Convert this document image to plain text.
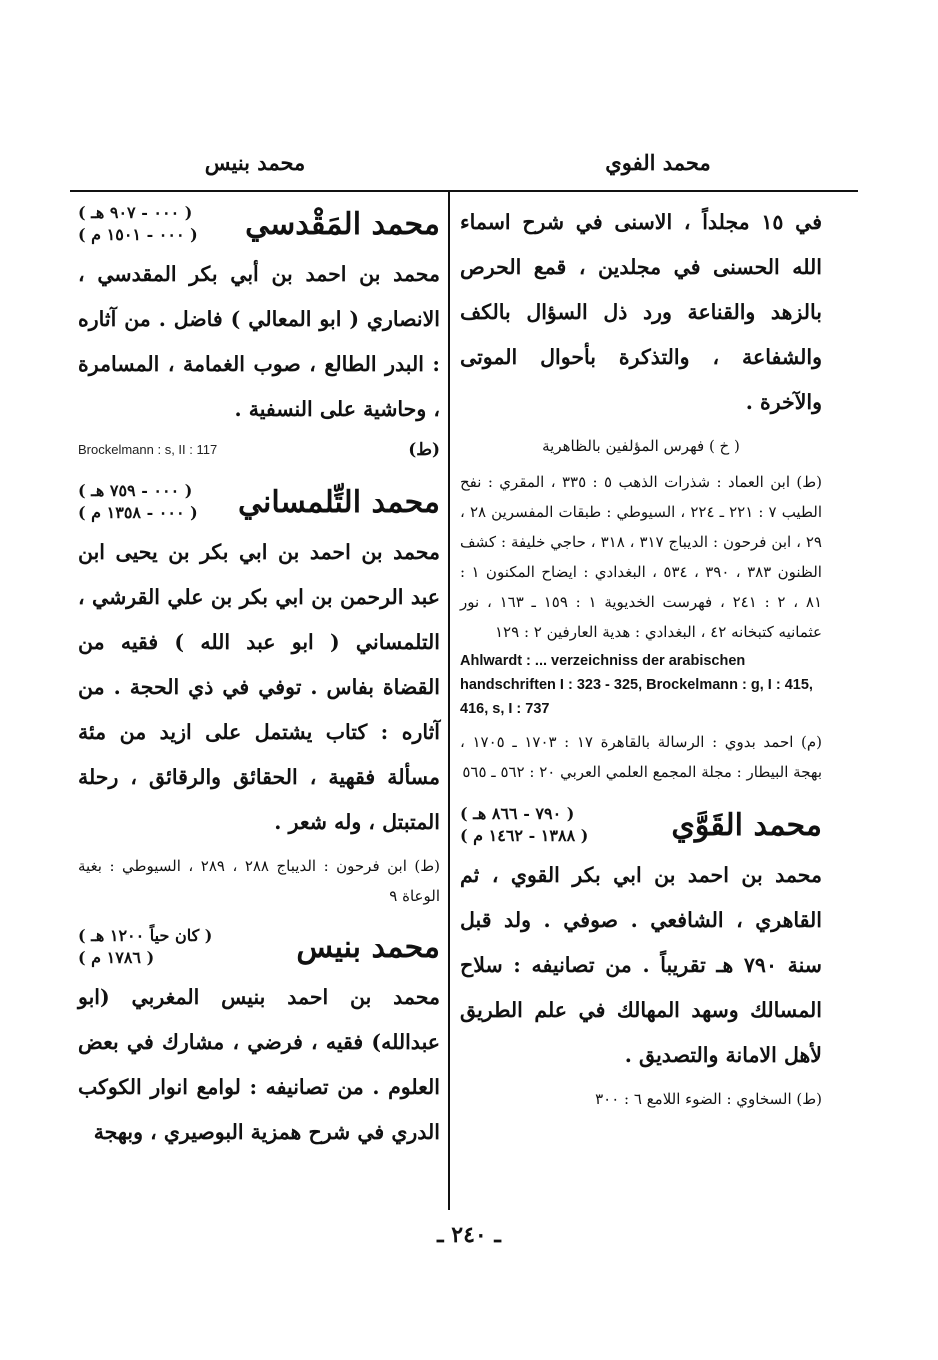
محمد الفوي
محمد بنيس

في ١٥ مجلداً ، الاسنى في شرح اسماء الله الحسنى في مجلدين ، قمع الحرص بالزهد والقناعة ورد ذل السؤال بالكف والشفاعة ، والتذكرة بأحوال الموتى والآخرة .

( خ ) فهرس المؤلفين بالظاهرية

(ط) ابن العماد : شذرات الذهب ٥ : ٣٣٥ ، المقري : نفح الطيب ٧ : ٢٢١ ـ ٢٢٤ ، السيوطي : طبقات المفسرين ٢٨ ، ٢٩ ، ابن فرحون : الديباج ٣١٧ ، ٣١٨ ، حاجي خليفة : كشف الظنون ٣٨٣ ، ٣٩٠ ، ٥٣٤ ، البغدادي : ايضاح المكنون ١ : ٨١ ، ٢ : ٢٤١ ، فهرست الخديوية ١ : ١٥٩ ـ ١٦٣ ، نور عثمانيه كتبخانه ٤٢ ، البغدادي : هدية العارفين ٢ : ١٢٩

Ahlwardt : ... verzeichniss der arabischen handschriften I : 323 - 325, Brockelmann : g, I : 415, 416, s, I : 737

(م) احمد بدوي : الرسالة بالقاهرة ١٧ : ١٧٠٣ ـ ١٧٠٥ ، بهجة البيطار : مجلة المجمع العلمي العربي ٢٠ : ٥٦٢ ـ ٥٦٥

محمد القَوَّي
( ٧٩٠ - ٨٦٦ هـ )
( ١٣٨٨ - ١٤٦٢ م )

محمد بن احمد بن ابي بكر القوي ، ثم القاهري ، الشافعي . صوفي . ولد قبل سنة ٧٩٠ هـ تقريباً . من تصانيفه : سلاح المسالك وسهد المهالك في علم الطريق لأهل الامانة والتصديق .

(ط) السخاوي : الضوء اللامع ٦ : ٣٠٠

محمد المَقْدسي
( ٠٠٠ - ٩٠٧ هـ )
( ٠٠٠ - ١٥٠١ م )

محمد بن احمد بن أبي بكر المقدسي ، الانصاري ( ابو المعالي ) فاضل . من آثاره : البدر الطالع ، صوب الغمامة ، المسامرة ، وحاشية على النسفية .

(ط)
Brockelmann : s, II : 117
محمد التِّلمساني
( ٠٠٠ - ٧٥٩ هـ )
( ٠٠٠ - ١٣٥٨ م )

محمد بن احمد بن ابي بكر بن يحيى ابن عبد الرحمن بن ابي بكر بن علي القرشي ، التلمساني ( ابو عبد الله ) فقيه من القضاة بفاس . توفي في ذي الحجة . من آثاره : كتاب يشتمل على ازيد من مئة مسألة فقهية ، الحقائق والرقائق ، رحلة المتبتل ، وله شعر .

(ط) ابن فرحون : الديباج ٢٨٨ ، ٢٨٩ ، السيوطي : بغية الوعاة ٩

محمد بنيس
( كان حياً ١٢٠٠ هـ )
( ١٧٨٦ م )

محمد بن احمد بنيس المغربي (ابو عبدالله) فقيه ، فرضي ، مشارك في بعض العلوم . من تصانيفه : لوامع انوار الكوكب الدري في شرح همزية البوصيري ، وبهجة

ـ ٢٤٠ ـ
